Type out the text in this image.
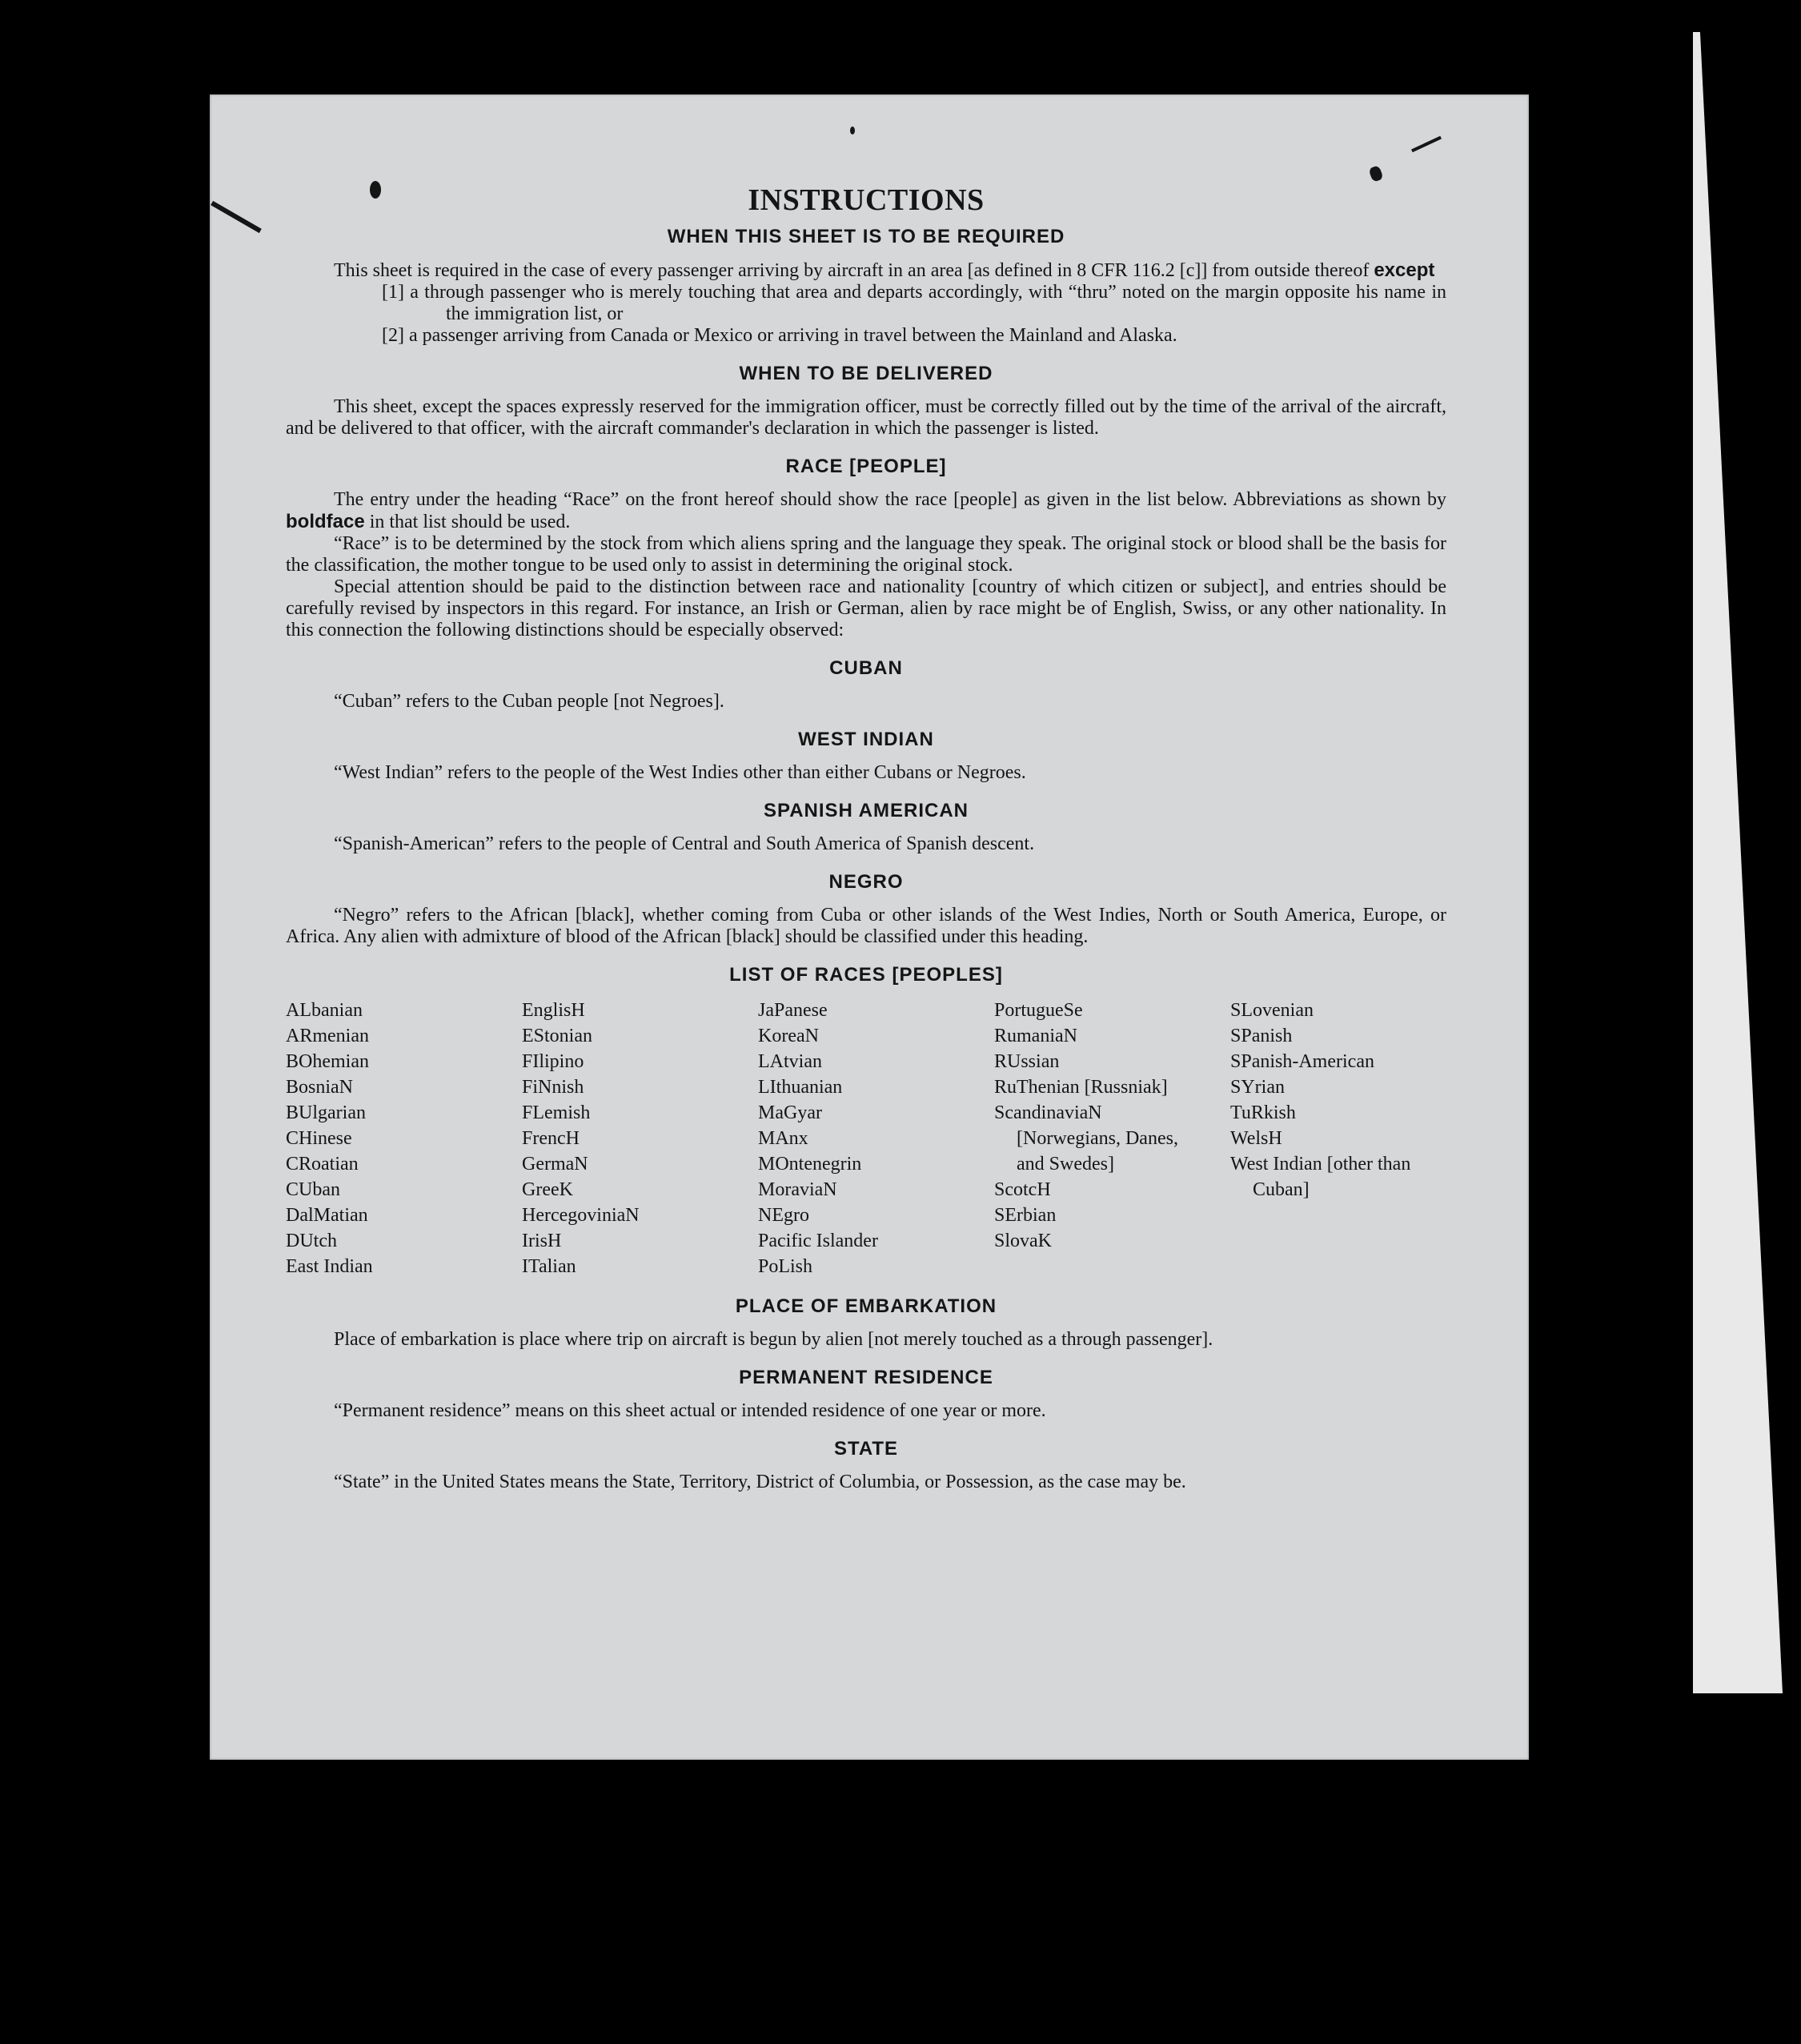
INSTRUCTIONS
WHEN THIS SHEET IS TO BE REQUIRED

This sheet is required in the case of every passenger arriving by aircraft in an area [as defined in 8 CFR 116.2 [c]] from outside thereof except

[1] a through passenger who is merely touching that area and departs accordingly, with “thru” noted on the margin opposite his name in the immigration list, or
[2] a passenger arriving from Canada or Mexico or arriving in travel between the Mainland and Alaska.
WHEN TO BE DELIVERED

This sheet, except the spaces expressly reserved for the immigration officer, must be correctly filled out by the time of the arrival of the aircraft, and be delivered to that officer, with the aircraft commander's declaration in which the passenger is listed.

RACE [PEOPLE]

The entry under the heading “Race” on the front hereof should show the race [people] as given in the list below. Abbreviations as shown by boldface in that list should be used.

“Race” is to be determined by the stock from which aliens spring and the language they speak. The original stock or blood shall be the basis for the classification, the mother tongue to be used only to assist in determining the original stock.

Special attention should be paid to the distinction between race and nationality [country of which citizen or subject], and entries should be carefully revised by inspectors in this regard. For instance, an Irish or German, alien by race might be of English, Swiss, or any other nationality. In this connection the following distinctions should be especially observed:

CUBAN

“Cuban” refers to the Cuban people [not Negroes].

WEST INDIAN

“West Indian” refers to the people of the West Indies other than either Cubans or Negroes.

SPANISH AMERICAN

“Spanish-American” refers to the people of Central and South America of Spanish descent.

NEGRO

“Negro” refers to the African [black], whether coming from Cuba or other islands of the West Indies, North or South America, Europe, or Africa. Any alien with admixture of blood of the African [black] should be classified under this heading.

LIST OF RACES [PEOPLES]
ALbanian
ARmenian
BOhemian
BosniaN
BUlgarian
CHinese
CRoatian
CUban
DalMatian
DUtch
East Indian
EnglisH
EStonian
FIlipino
FiNnish
FLemish
FrencH
GermaN
GreeK
HercegoviniaN
IrisH
ITalian
JaPanese
KoreaN
LAtvian
LIthuanian
MaGyar
MAnx
MOntenegrin
MoraviaN
NEgro
Pacific Islander
PoLish
PortugueSe
RumaniaN
RUssian
RuThenian [Russniak]
ScandinaviaN [Norwegians, Danes, and Swedes]
ScotcH
SErbian
SlovaK
SLovenian
SPanish
SPanish-American
SYrian
TuRkish
WelsH
West Indian [other than Cuban]
PLACE OF EMBARKATION

Place of embarkation is place where trip on aircraft is begun by alien [not merely touched as a through passenger].

PERMANENT RESIDENCE

“Permanent residence” means on this sheet actual or intended residence of one year or more.

STATE

“State” in the United States means the State, Territory, District of Columbia, or Possession, as the case may be.
